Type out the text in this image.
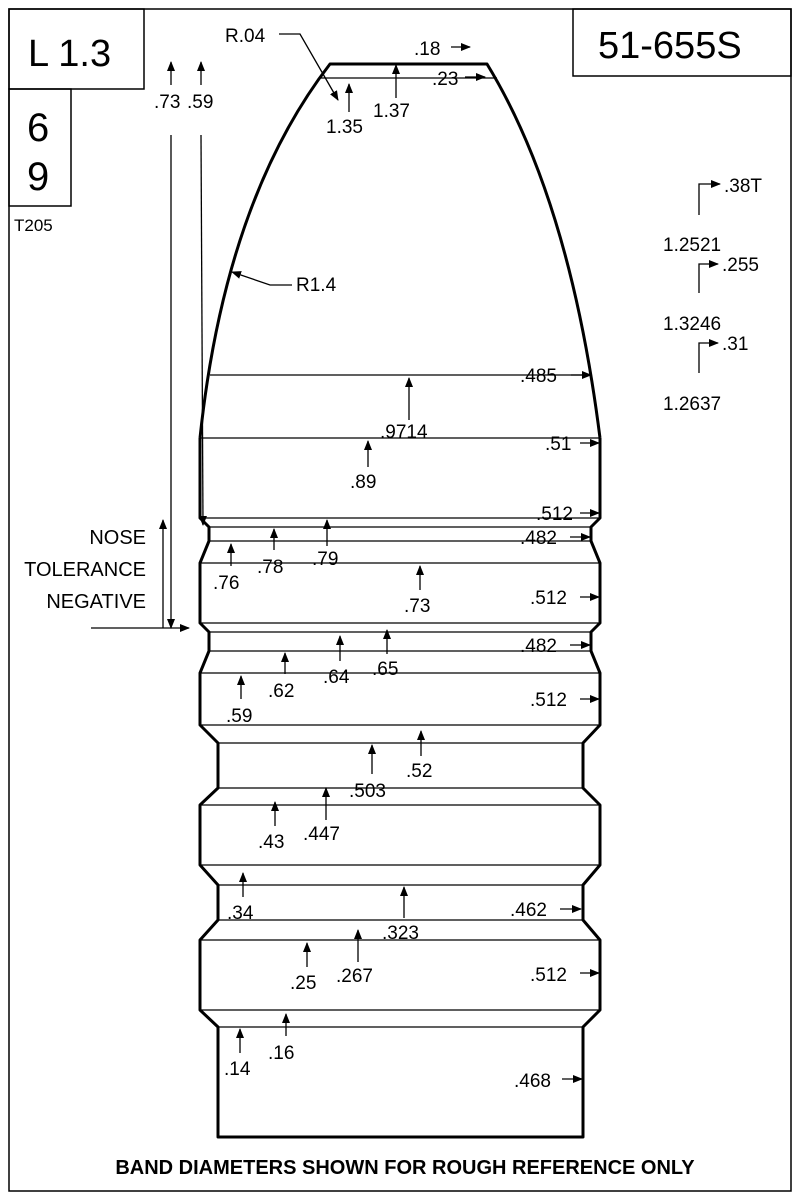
L 1.3
6
9
T205
51-655S
R.04
.18
.23
1.35
1.37
.73 .59
R1.4
NOSE
TOLERANCE
NEGATIVE
.38T
1.2521
.255
1.3246
.31
1.2637
.485
.9714
.51
.89
.512
.482
.76
.78 .79
.73	.512
.482
.59
.62
.64 .65
.512
.503
.52
.43 .447
.34
.323
.462
.25 .267	.512
.14
.16
.468
BAND DIAMETERS SHOWN FOR ROUGH REFERENCE ONLY
